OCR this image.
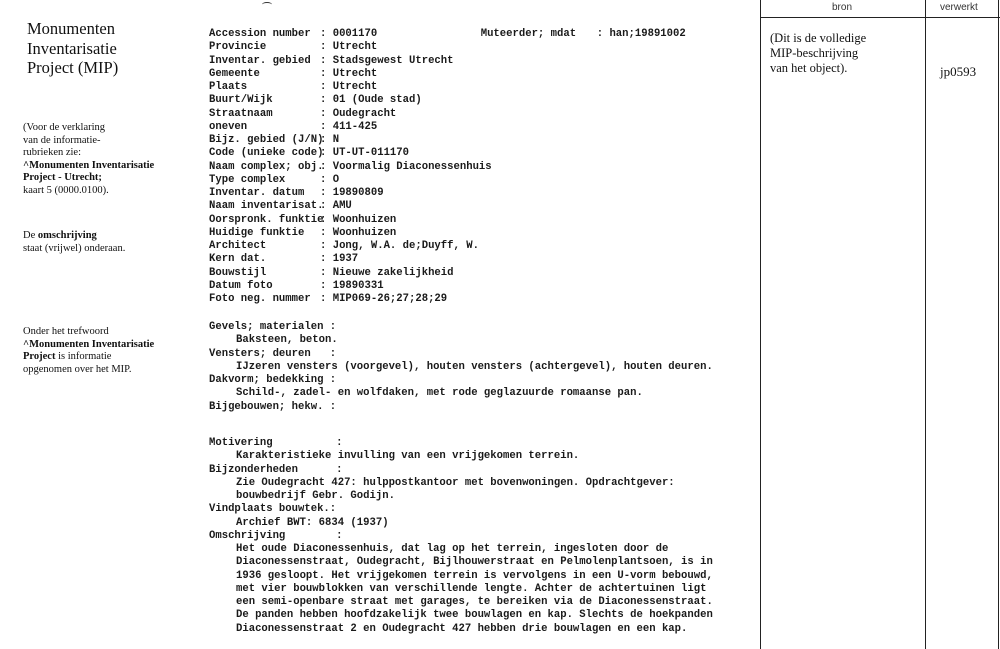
Monumenten
Inventarisatie
Project (MIP)
(Voor de verklaring
van de informatie-
rubrieken zie:
^Monumenten Inventarisatie
Project - Utrecht;
kaart 5 (0000.0100).
De omschrijving
staat (vrijwel) onderaan.
Onder het trefwoord
^Monumenten Inventarisatie
Project is informatie
opgenomen over het MIP.
Accession number : 0001170	Muteerder; mdat	: han;19891002
Provincie	: Utrecht
Inventar. gebied : Stadsgewest Utrecht
Gemeente	: Utrecht
Plaats	: Utrecht
Buurt/Wijk	: 01 (Oude stad)
Straatnaam	: Oudegracht
oneven	: 411-425
Bijz. gebied (J/N)
: N
Code (unieke code)
: UT-UT-011170
Naam complex; obj.
: Voormalig Diaconessenhuis
Type complex	: O
Inventar. datum	: 19890809
Naam inventarisat.
: AMU
Oorspronk. funktie
: Woonhuizen
Huidige funktie	: Woonhuizen
Architect	: Jong, W.A. de;Duyff, W.
Kern dat.	: 1937
Bouwstijl	: Nieuwe zakelijkheid
Datum foto	: 19890331
Foto neg. nummer : MIP069-26;27;28;29
Gevels; materialen :
Baksteen, beton.
Vensters; deuren   :
IJzeren vensters (voorgevel), houten vensters (achtergevel), houten deuren.
Dakvorm; bedekking :
Schild-, zadel- en wolfdaken, met rode geglazuurde romaanse pan.
Bijgebouwen; hekw. :
Motivering          :
Karakteristieke invulling van een vrijgekomen terrein.
Bijzonderheden      :
Zie Oudegracht 427: hulppostkantoor met bovenwoningen. Opdrachtgever:
bouwbedrijf Gebr. Godijn.
Vindplaats bouwtek.:
Archief BWT: 6834 (1937)
Omschrijving        :
Het oude Diaconessenhuis, dat lag op het terrein, ingesloten door de
Diaconessenstraat, Oudegracht, Bijlhouwerstraat en Pelmolenplantsoen, is in
1936 gesloopt. Het vrijgekomen terrein is vervolgens in een U-vorm bebouwd,
met vier bouwblokken van verschillende lengte. Achter de achtertuinen ligt
een semi-openbare straat met garages, te bereiken via de Diaconessenstraat.
De panden hebben hoofdzakelijk twee bouwlagen en kap. Slechts de hoekpanden
Diaconessenstraat 2 en Oudegracht 427 hebben drie bouwlagen en een kap.
bron	verwerkt
(Dit is de volledige
MIP-beschrijving
van het object).	jp0593
